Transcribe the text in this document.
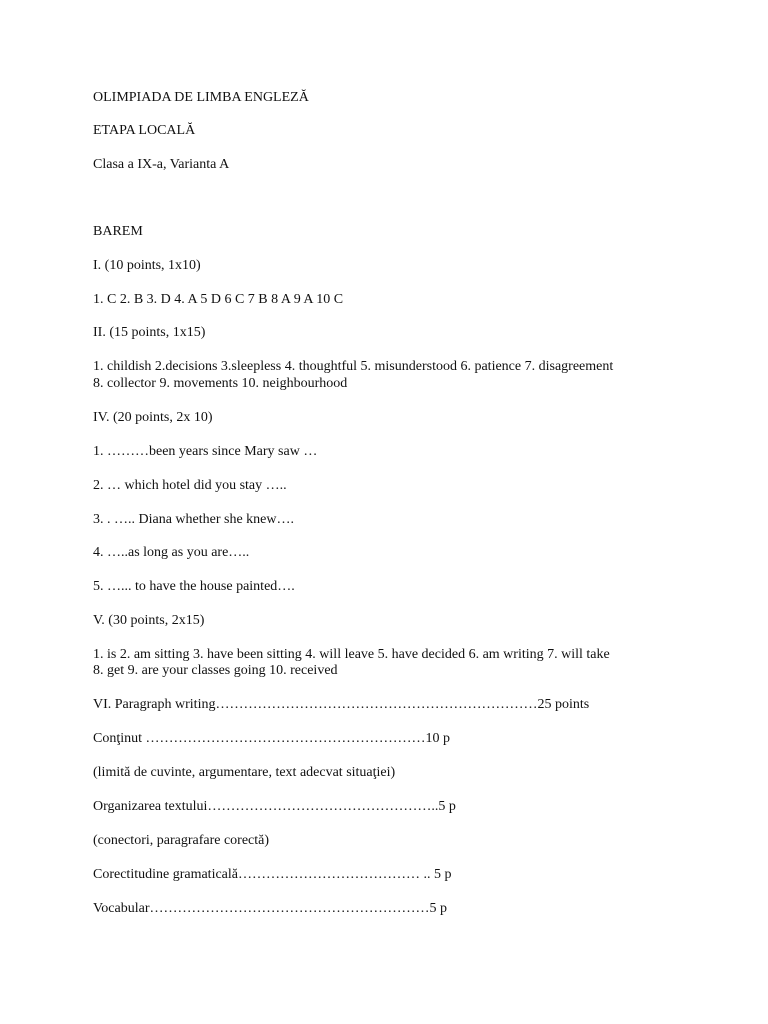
OLIMPIADA DE LIMBA ENGLEZĂ
ETAPA LOCALĂ
Clasa a IX-a, Varianta A
BAREM
I. (10 points, 1x10)
1. C 2. B 3. D 4. A 5 D 6 C 7 B 8 A 9 A 10 C
II. (15 points, 1x15)
1. childish 2.decisions 3.sleepless 4. thoughtful 5. misunderstood 6. patience 7. disagreement
8. collector 9. movements 10. neighbourhood
IV. (20 points, 2x 10)
1. ………been years since Mary saw …
2. … which hotel did you stay …..
3. . ….. Diana whether she knew….
4. …..as long as you are…..
5. …... to have the house painted….
V. (30 points, 2x15)
1. is 2. am sitting 3. have been sitting 4. will leave 5. have decided 6. am writing 7. will take
8. get 9. are your classes going 10. received
VI. Paragraph writing……………………………………………………………25 points
Conţinut ……………………………………………………10 p
(limită de cuvinte, argumentare, text adecvat situaţiei)
Organizarea textului…………………………………………..5 p
(conectori, paragrafare corectă)
Corectitudine gramaticală………………………………… .. 5 p
Vocabular……………………………………………………5 p
